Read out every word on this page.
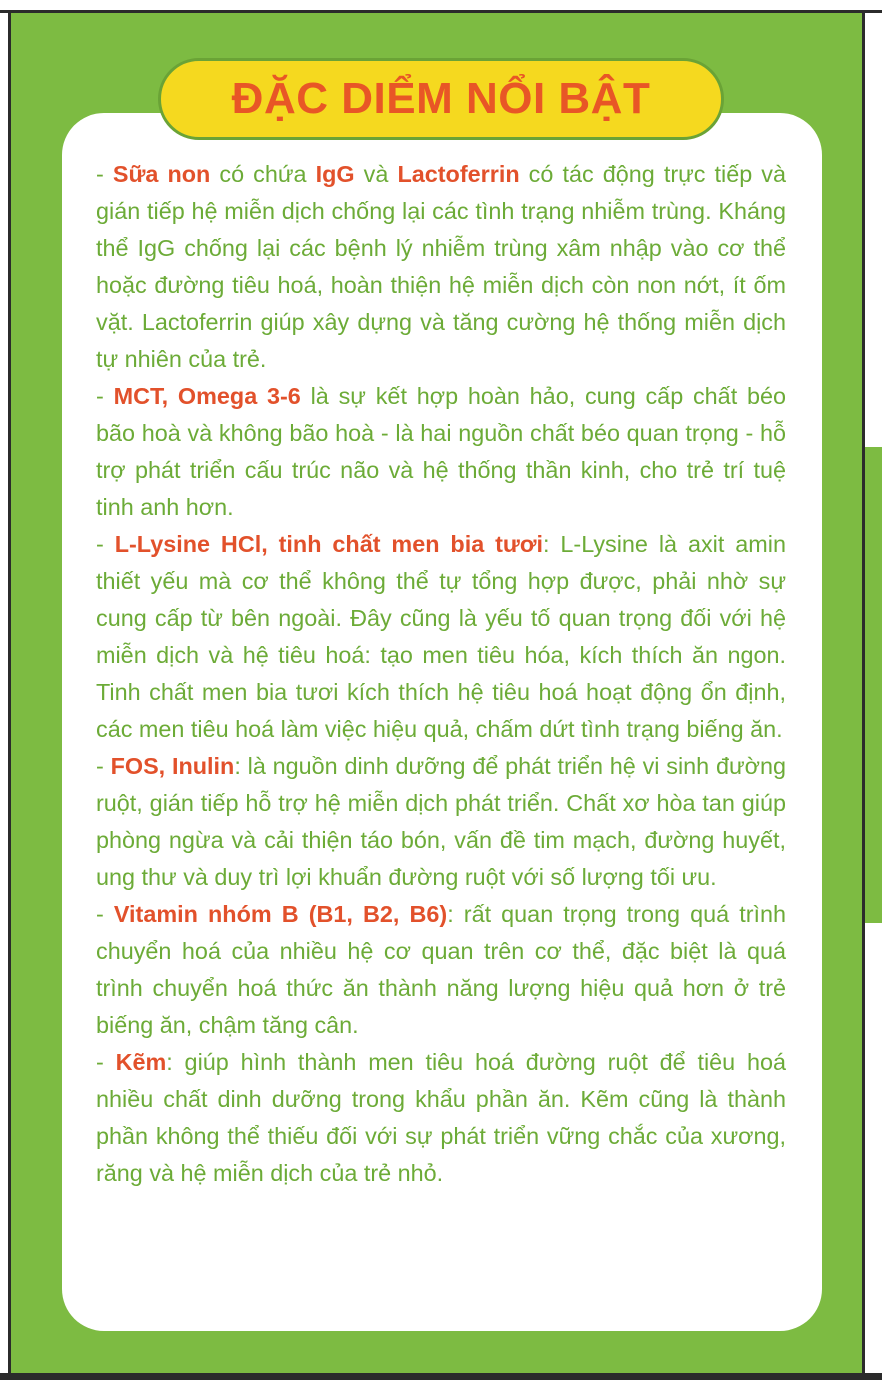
ĐẶC DIỂM NỔI BẬT

- Sữa non có chứa IgG và Lactoferrin có tác động trực tiếp và gián tiếp hệ miễn dịch chống lại các tình trạng nhiễm trùng. Kháng thể IgG chống lại các bệnh lý nhiễm trùng xâm nhập vào cơ thể hoặc đường tiêu hoá, hoàn thiện hệ miễn dịch còn non nớt, ít ốm vặt. Lactoferrin giúp xây dựng và tăng cường hệ thống miễn dịch tự nhiên của trẻ.

- MCT, Omega 3-6 là sự kết hợp hoàn hảo, cung cấp chất béo bão hoà và không bão hoà - là hai nguồn chất béo quan trọng - hỗ trợ phát triển cấu trúc não và hệ thống thần kinh, cho trẻ trí tuệ tinh anh hơn.

- L-Lysine HCl, tinh chất men bia tươi: L-Lysine là axit amin thiết yếu mà cơ thể không thể tự tổng hợp được, phải nhờ sự cung cấp từ bên ngoài. Đây cũng là yếu tố quan trọng đối với hệ miễn dịch và hệ tiêu hoá: tạo men tiêu hóa, kích thích ăn ngon. Tinh chất men bia tươi kích thích hệ tiêu hoá hoạt động ổn định, các men tiêu hoá làm việc hiệu quả, chấm dứt tình trạng biếng ăn.

- FOS, Inulin: là nguồn dinh dưỡng để phát triển hệ vi sinh đường ruột, gián tiếp hỗ trợ hệ miễn dịch phát triển. Chất xơ hòa tan giúp phòng ngừa và cải thiện táo bón, vấn đề tim mạch, đường huyết, ung thư và duy trì lợi khuẩn đường ruột với số lượng tối ưu.

- Vitamin nhóm B (B1, B2, B6): rất quan trọng trong quá trình chuyển hoá của nhiều hệ cơ quan trên cơ thể, đặc biệt là quá trình chuyển hoá thức ăn thành năng lượng hiệu quả hơn ở trẻ biếng ăn, chậm tăng cân.

- Kẽm: giúp hình thành men tiêu hoá đường ruột để tiêu hoá nhiều chất dinh dưỡng trong khẩu phần ăn. Kẽm cũng là thành phần không thể thiếu đối với sự phát triển vững chắc của xương, răng và hệ miễn dịch của trẻ nhỏ.
